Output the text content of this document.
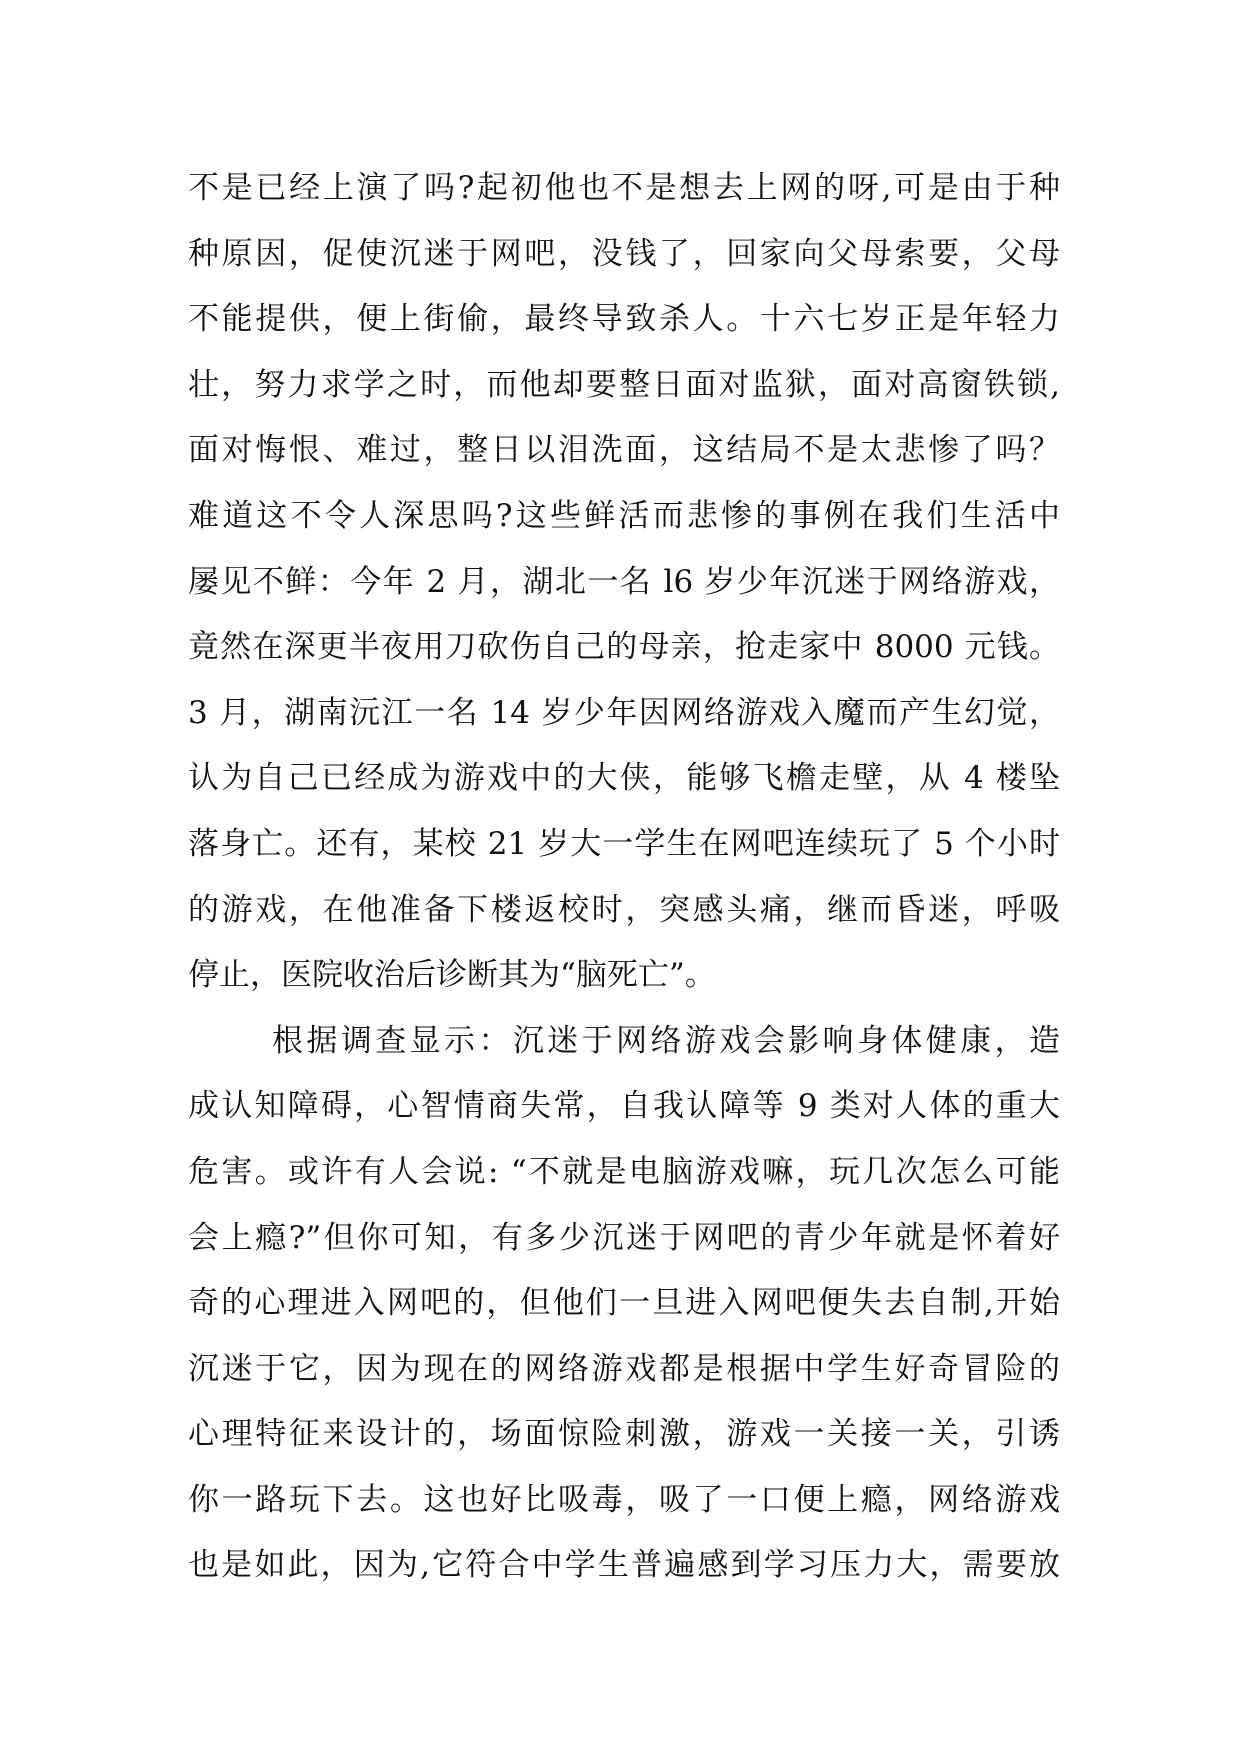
不是已经上演了吗?起初他也不是想去上网的呀,可是由于种
种原因，促使沉迷于网吧，没钱了，回家向父母索要，父母
不能提供，便上街偷，最终导致杀人。十六七岁正是年轻力
壮，努力求学之时，而他却要整日面对监狱，面对高窗铁锁,
面对悔恨、难过，整日以泪洗面，这结局不是太悲惨了吗？
难道这不令人深思吗?这些鲜活而悲惨的事例在我们生活中
屡见不鲜：今年 2 月，湖北一名 l6 岁少年沉迷于网络游戏，
竟然在深更半夜用刀砍伤自己的母亲，抢走家中 8000 元钱。
3 月，湖南沅江一名 14 岁少年因网络游戏入魔而产生幻觉，
认为自己已经成为游戏中的大侠，能够飞檐走壁，从 4 楼坠
落身亡。还有，某校 21 岁大一学生在网吧连续玩了 5 个小时
的游戏，在他准备下楼返校时，突感头痛，继而昏迷，呼吸
停止，医院收治后诊断其为“脑死亡”。
根据调查显示：沉迷于网络游戏会影响身体健康，造
成认知障碍，心智情商失常，自我认障等 9 类对人体的重大
危害。或许有人会说: “不就是电脑游戏嘛，玩几次怎么可能
会上瘾?”但你可知，有多少沉迷于网吧的青少年就是怀着好
奇的心理进入网吧的，但他们一旦进入网吧便失去自制,开始
沉迷于它，因为现在的网络游戏都是根据中学生好奇冒险的
心理特征来设计的，场面惊险刺激，游戏一关接一关，引诱
你一路玩下去。这也好比吸毒，吸了一口便上瘾，网络游戏
也是如此，因为,它符合中学生普遍感到学习压力大，需要放
